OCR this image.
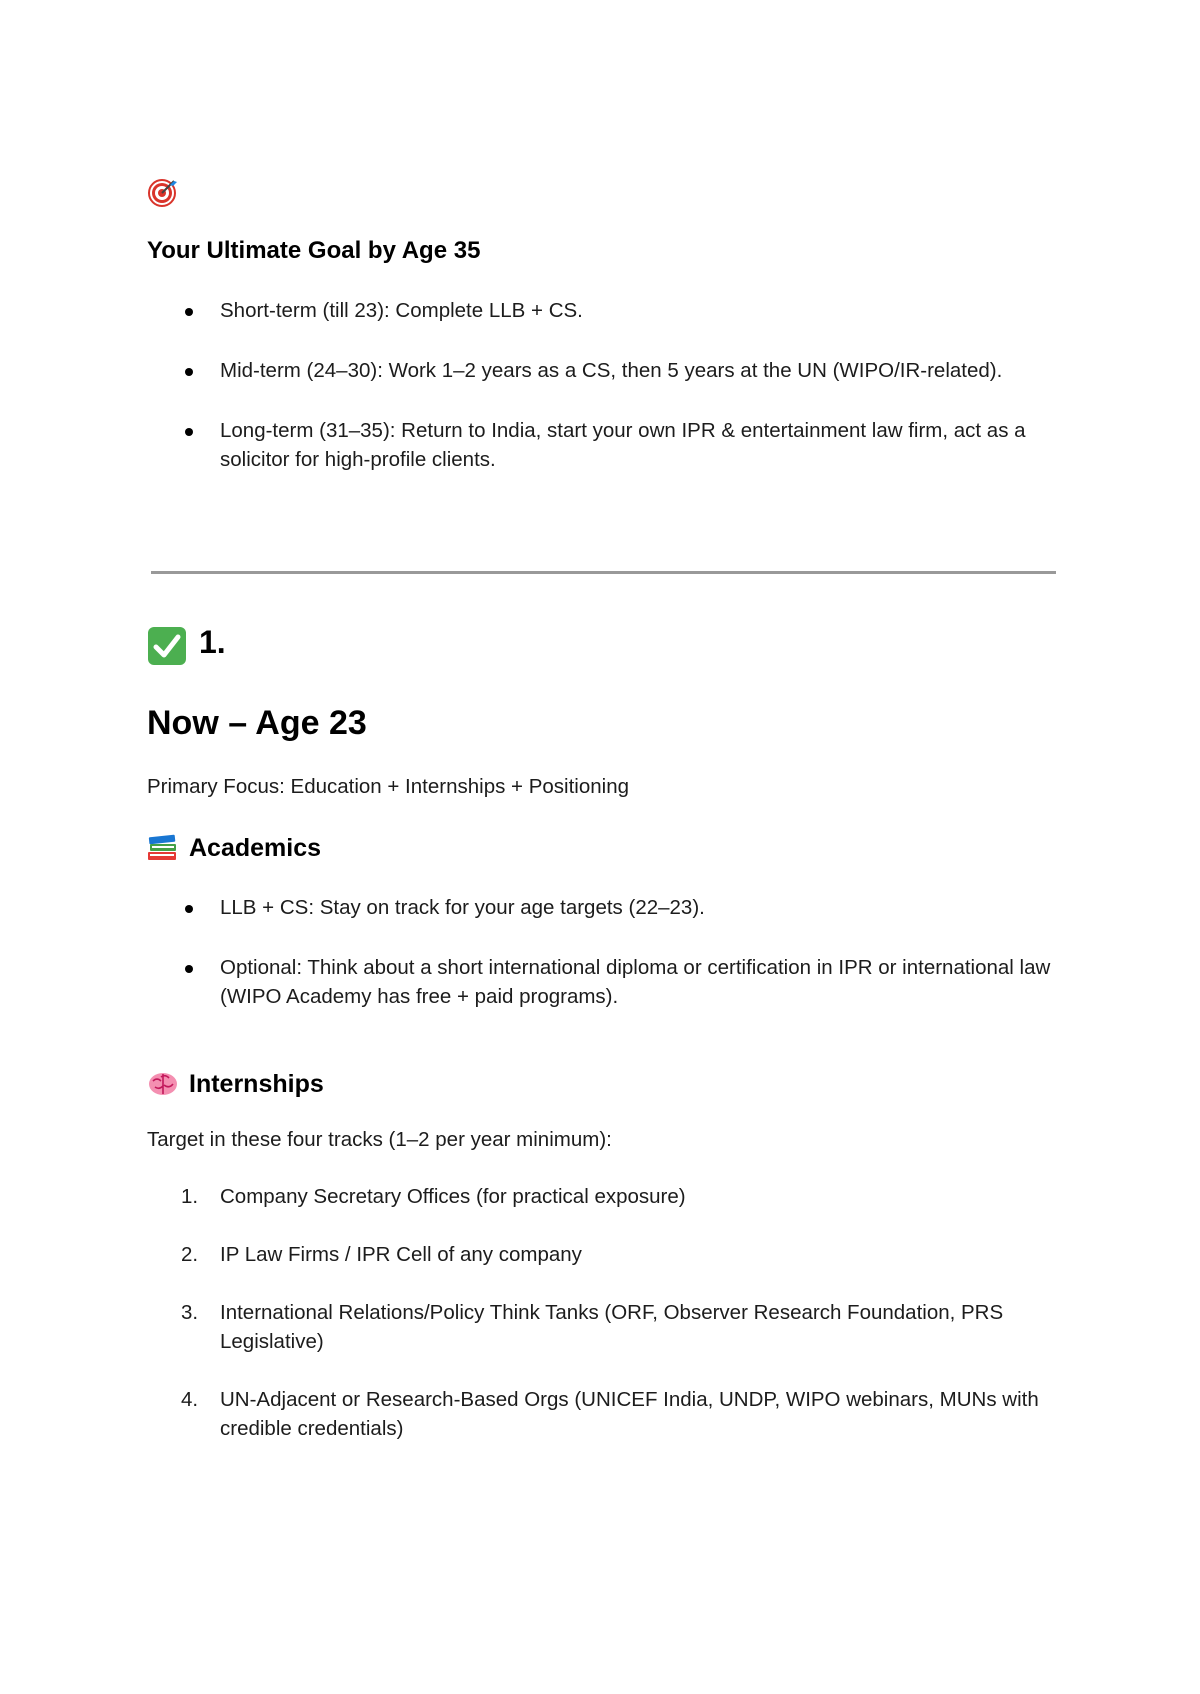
Your Ultimate Goal by Age 35
Short-term (till 23): Complete LLB + CS.
Mid-term (24–30): Work 1–2 years as a CS, then 5 years at the UN (WIPO/IR-related).
Long-term (31–35): Return to India, start your own IPR & entertainment law firm, act as a solicitor for high-profile clients.
1.
Now – Age 23
Primary Focus: Education + Internships + Positioning
Academics
LLB + CS: Stay on track for your age targets (22–23).
Optional: Think about a short international diploma or certification in IPR or international law (WIPO Academy has free + paid programs).
Internships
Target in these four tracks (1–2 per year minimum):
1. Company Secretary Offices (for practical exposure)
2. IP Law Firms / IPR Cell of any company
3. International Relations/Policy Think Tanks (ORF, Observer Research Foundation, PRS Legislative)
4. UN-Adjacent or Research-Based Orgs (UNICEF India, UNDP, WIPO webinars, MUNs with credible credentials)
